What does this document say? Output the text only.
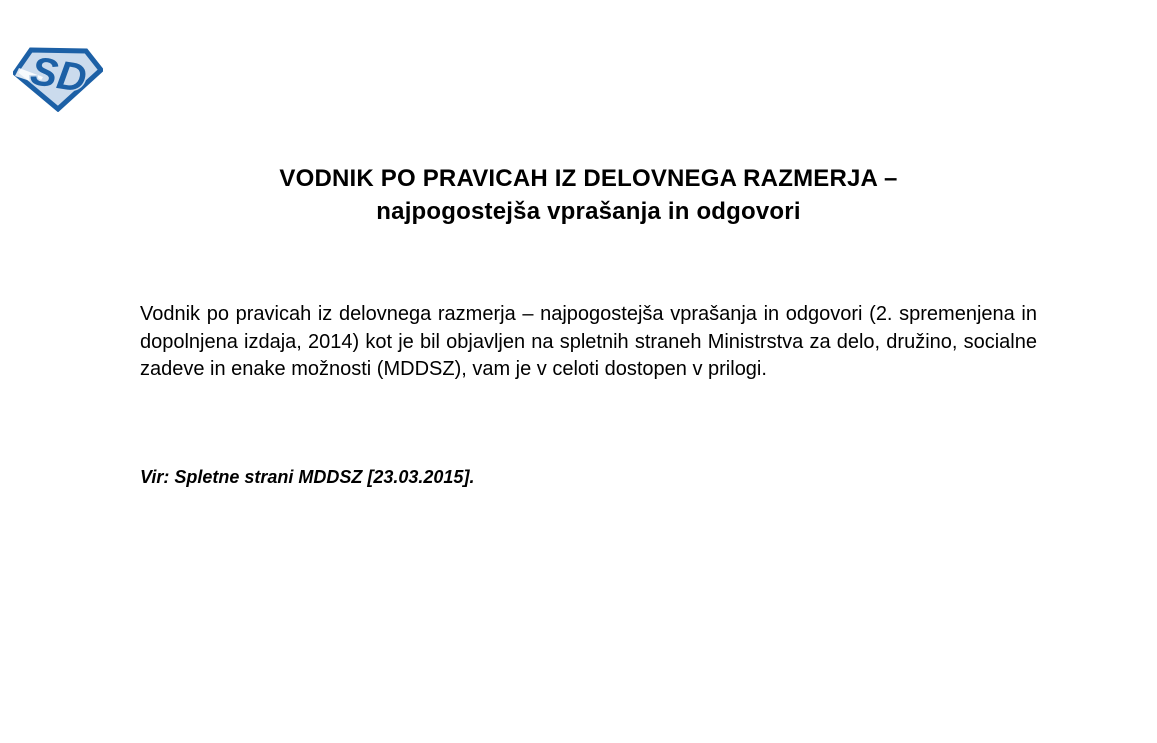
SD
VODNIK PO PRAVICAH IZ DELOVNEGA RAZMERJA –
najpogostejša vprašanja in odgovori

Vodnik po pravicah iz delovnega razmerja – najpogostejša vprašanja in odgovori (2. spremenjena in dopolnjena izdaja, 2014) kot je bil objavljen na spletnih straneh Ministrstva za delo, družino, socialne zadeve in enake možnosti (MDDSZ), vam je v celoti dostopen v prilogi.

Vir: Spletne strani MDDSZ [23.03.2015].
